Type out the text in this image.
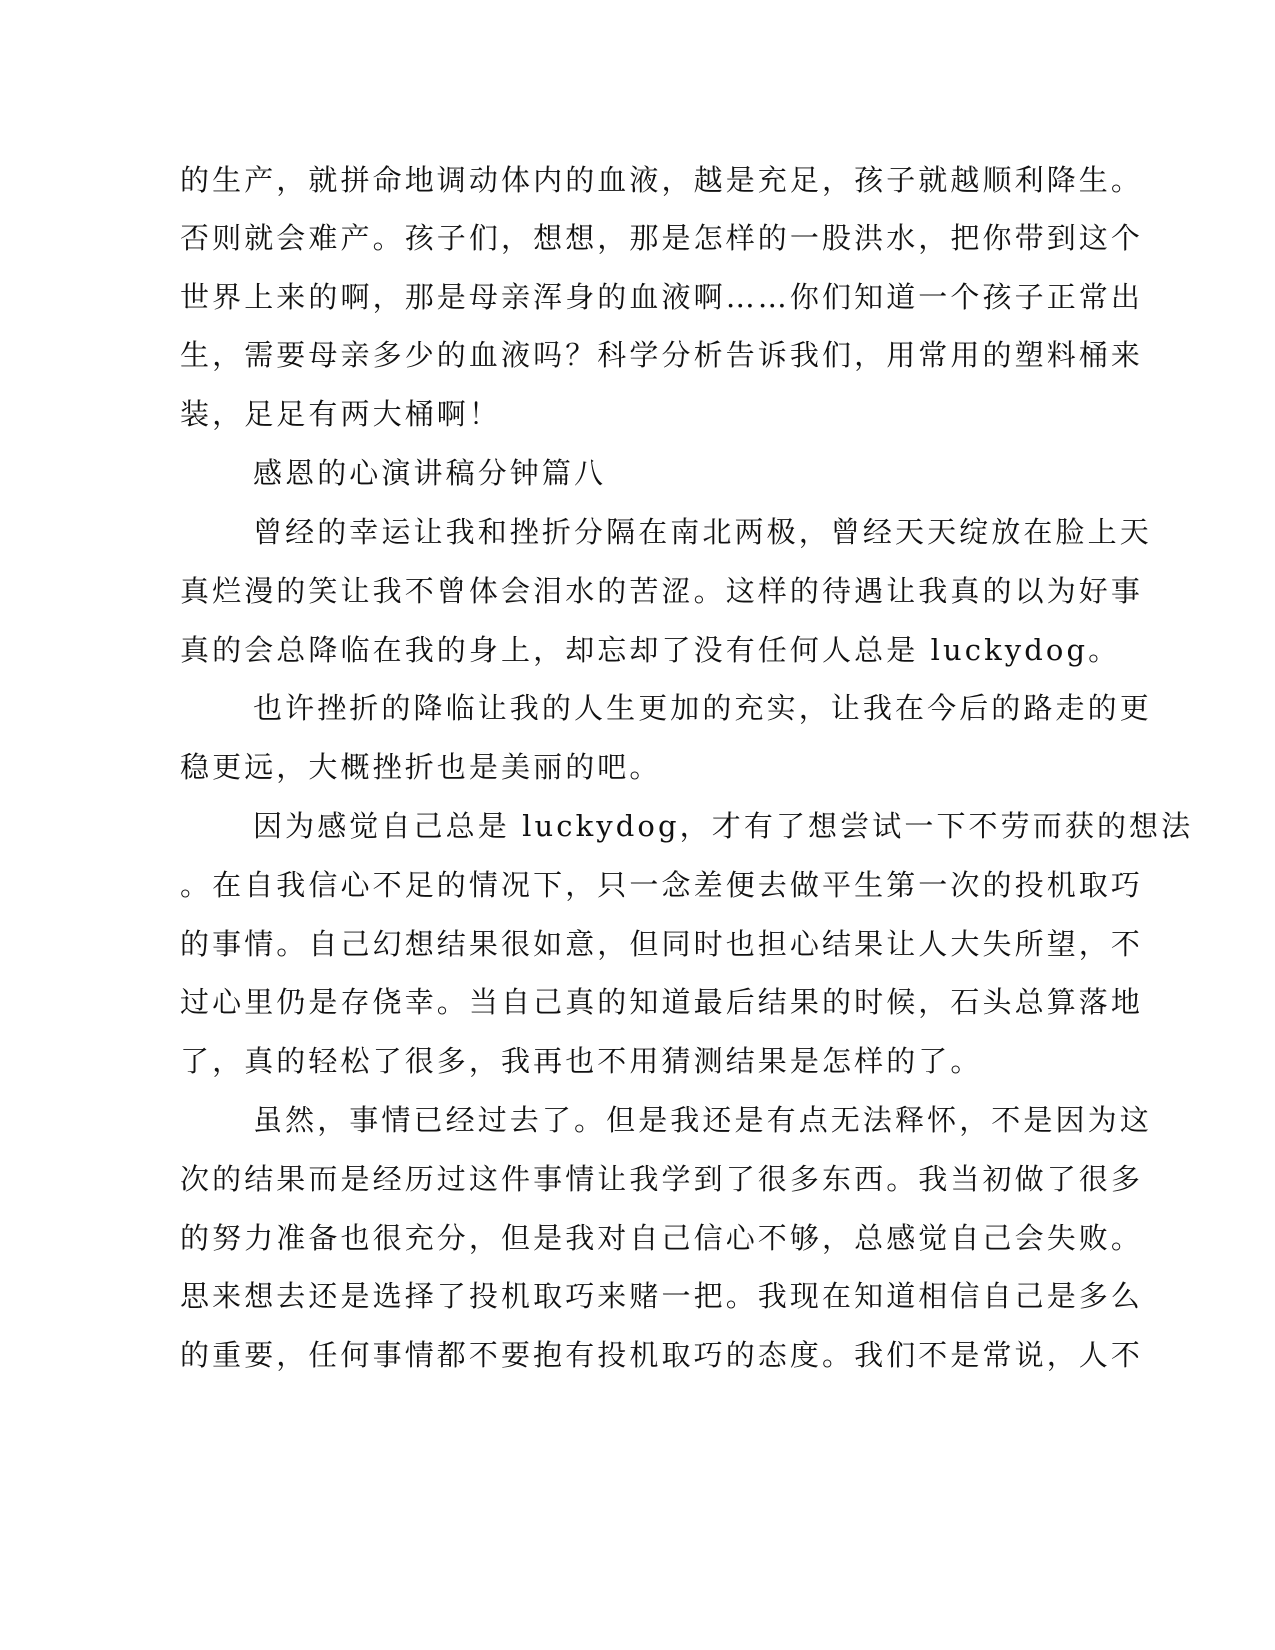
的生产，就拼命地调动体内的血液，越是充足，孩子就越顺利降生。
否则就会难产。孩子们，想想，那是怎样的一股洪水，把你带到这个
世界上来的啊，那是母亲浑身的血液啊……你们知道一个孩子正常出
生，需要母亲多少的血液吗？科学分析告诉我们，用常用的塑料桶来
装，足足有两大桶啊！
感恩的心演讲稿分钟篇八
曾经的幸运让我和挫折分隔在南北两极，曾经天天绽放在脸上天
真烂漫的笑让我不曾体会泪水的苦涩。这样的待遇让我真的以为好事
真的会总降临在我的身上，却忘却了没有任何人总是 luckydog。
也许挫折的降临让我的人生更加的充实，让我在今后的路走的更
稳更远，大概挫折也是美丽的吧。
因为感觉自己总是 luckydog，才有了想尝试一下不劳而获的想法
。在自我信心不足的情况下，只一念差便去做平生第一次的投机取巧
的事情。自己幻想结果很如意，但同时也担心结果让人大失所望，不
过心里仍是存侥幸。当自己真的知道最后结果的时候，石头总算落地
了，真的轻松了很多，我再也不用猜测结果是怎样的了。
虽然，事情已经过去了。但是我还是有点无法释怀，不是因为这
次的结果而是经历过这件事情让我学到了很多东西。我当初做了很多
的努力准备也很充分，但是我对自己信心不够，总感觉自己会失败。
思来想去还是选择了投机取巧来赌一把。我现在知道相信自己是多么
的重要，任何事情都不要抱有投机取巧的态度。我们不是常说，人不
